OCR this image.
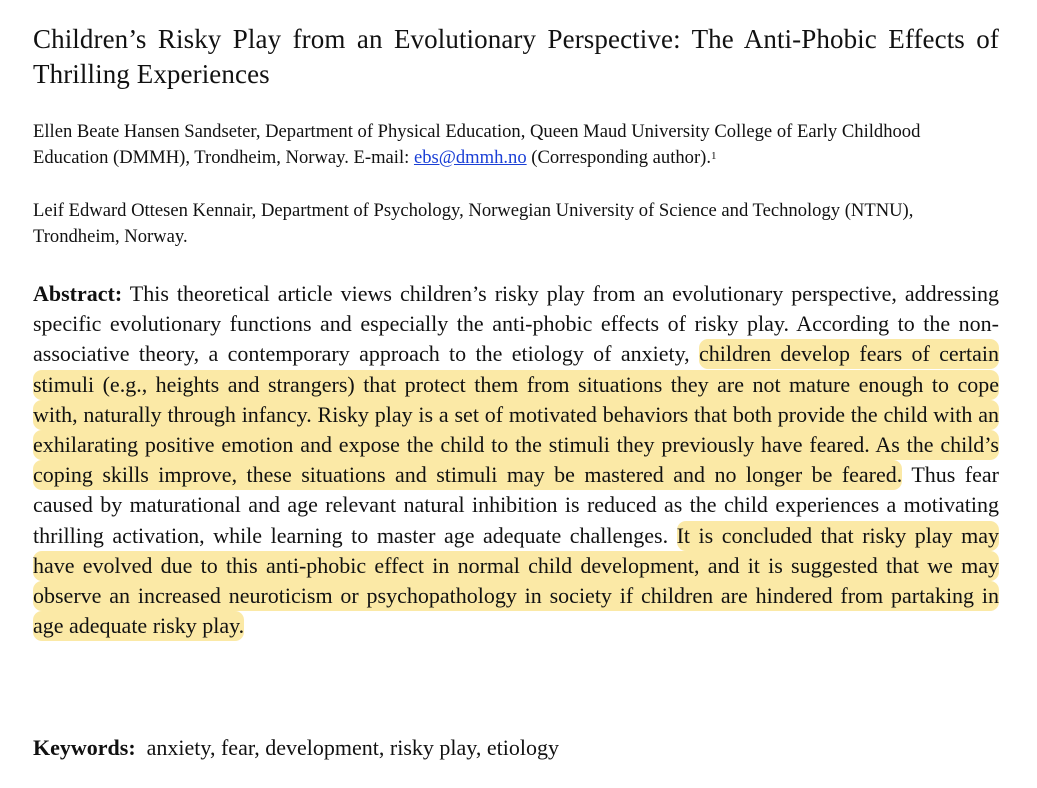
Children’s Risky Play from an Evolutionary Perspective: The Anti-Phobic Effects of Thrilling Experiences

Ellen Beate Hansen Sandseter, Department of Physical Education, Queen Maud University College of Early Childhood Education (DMMH), Trondheim, Norway. E-mail: ebs@dmmh.no (Corresponding author).$^1$

Leif Edward Ottesen Kennair, Department of Psychology, Norwegian University of Science and Technology (NTNU), Trondheim, Norway.

Abstract: This theoretical article views children’s risky play from an evolutionary perspective, addressing specific evolutionary functions and especially the anti-phobic effects of risky play. According to the non-associative theory, a contemporary approach to the etiology of anxiety, children develop fears of certain stimuli (e.g., heights and strangers) that protect them from situations they are not mature enough to cope with, naturally through infancy. Risky play is a set of motivated behaviors that both provide the child with an exhilarating positive emotion and expose the child to the stimuli they previously have feared. As the child’s coping skills improve, these situations and stimuli may be mastered and no longer be feared. Thus fear caused by maturational and age relevant natural inhibition is reduced as the child experiences a motivating thrilling activation, while learning to master age adequate challenges. It is concluded that risky play may have evolved due to this anti-phobic effect in normal child development, and it is suggested that we may observe an increased neuroticism or psychopathology in society if children are hindered from partaking in age adequate risky play.

Keywords:  anxiety, fear, development, risky play, etiology
